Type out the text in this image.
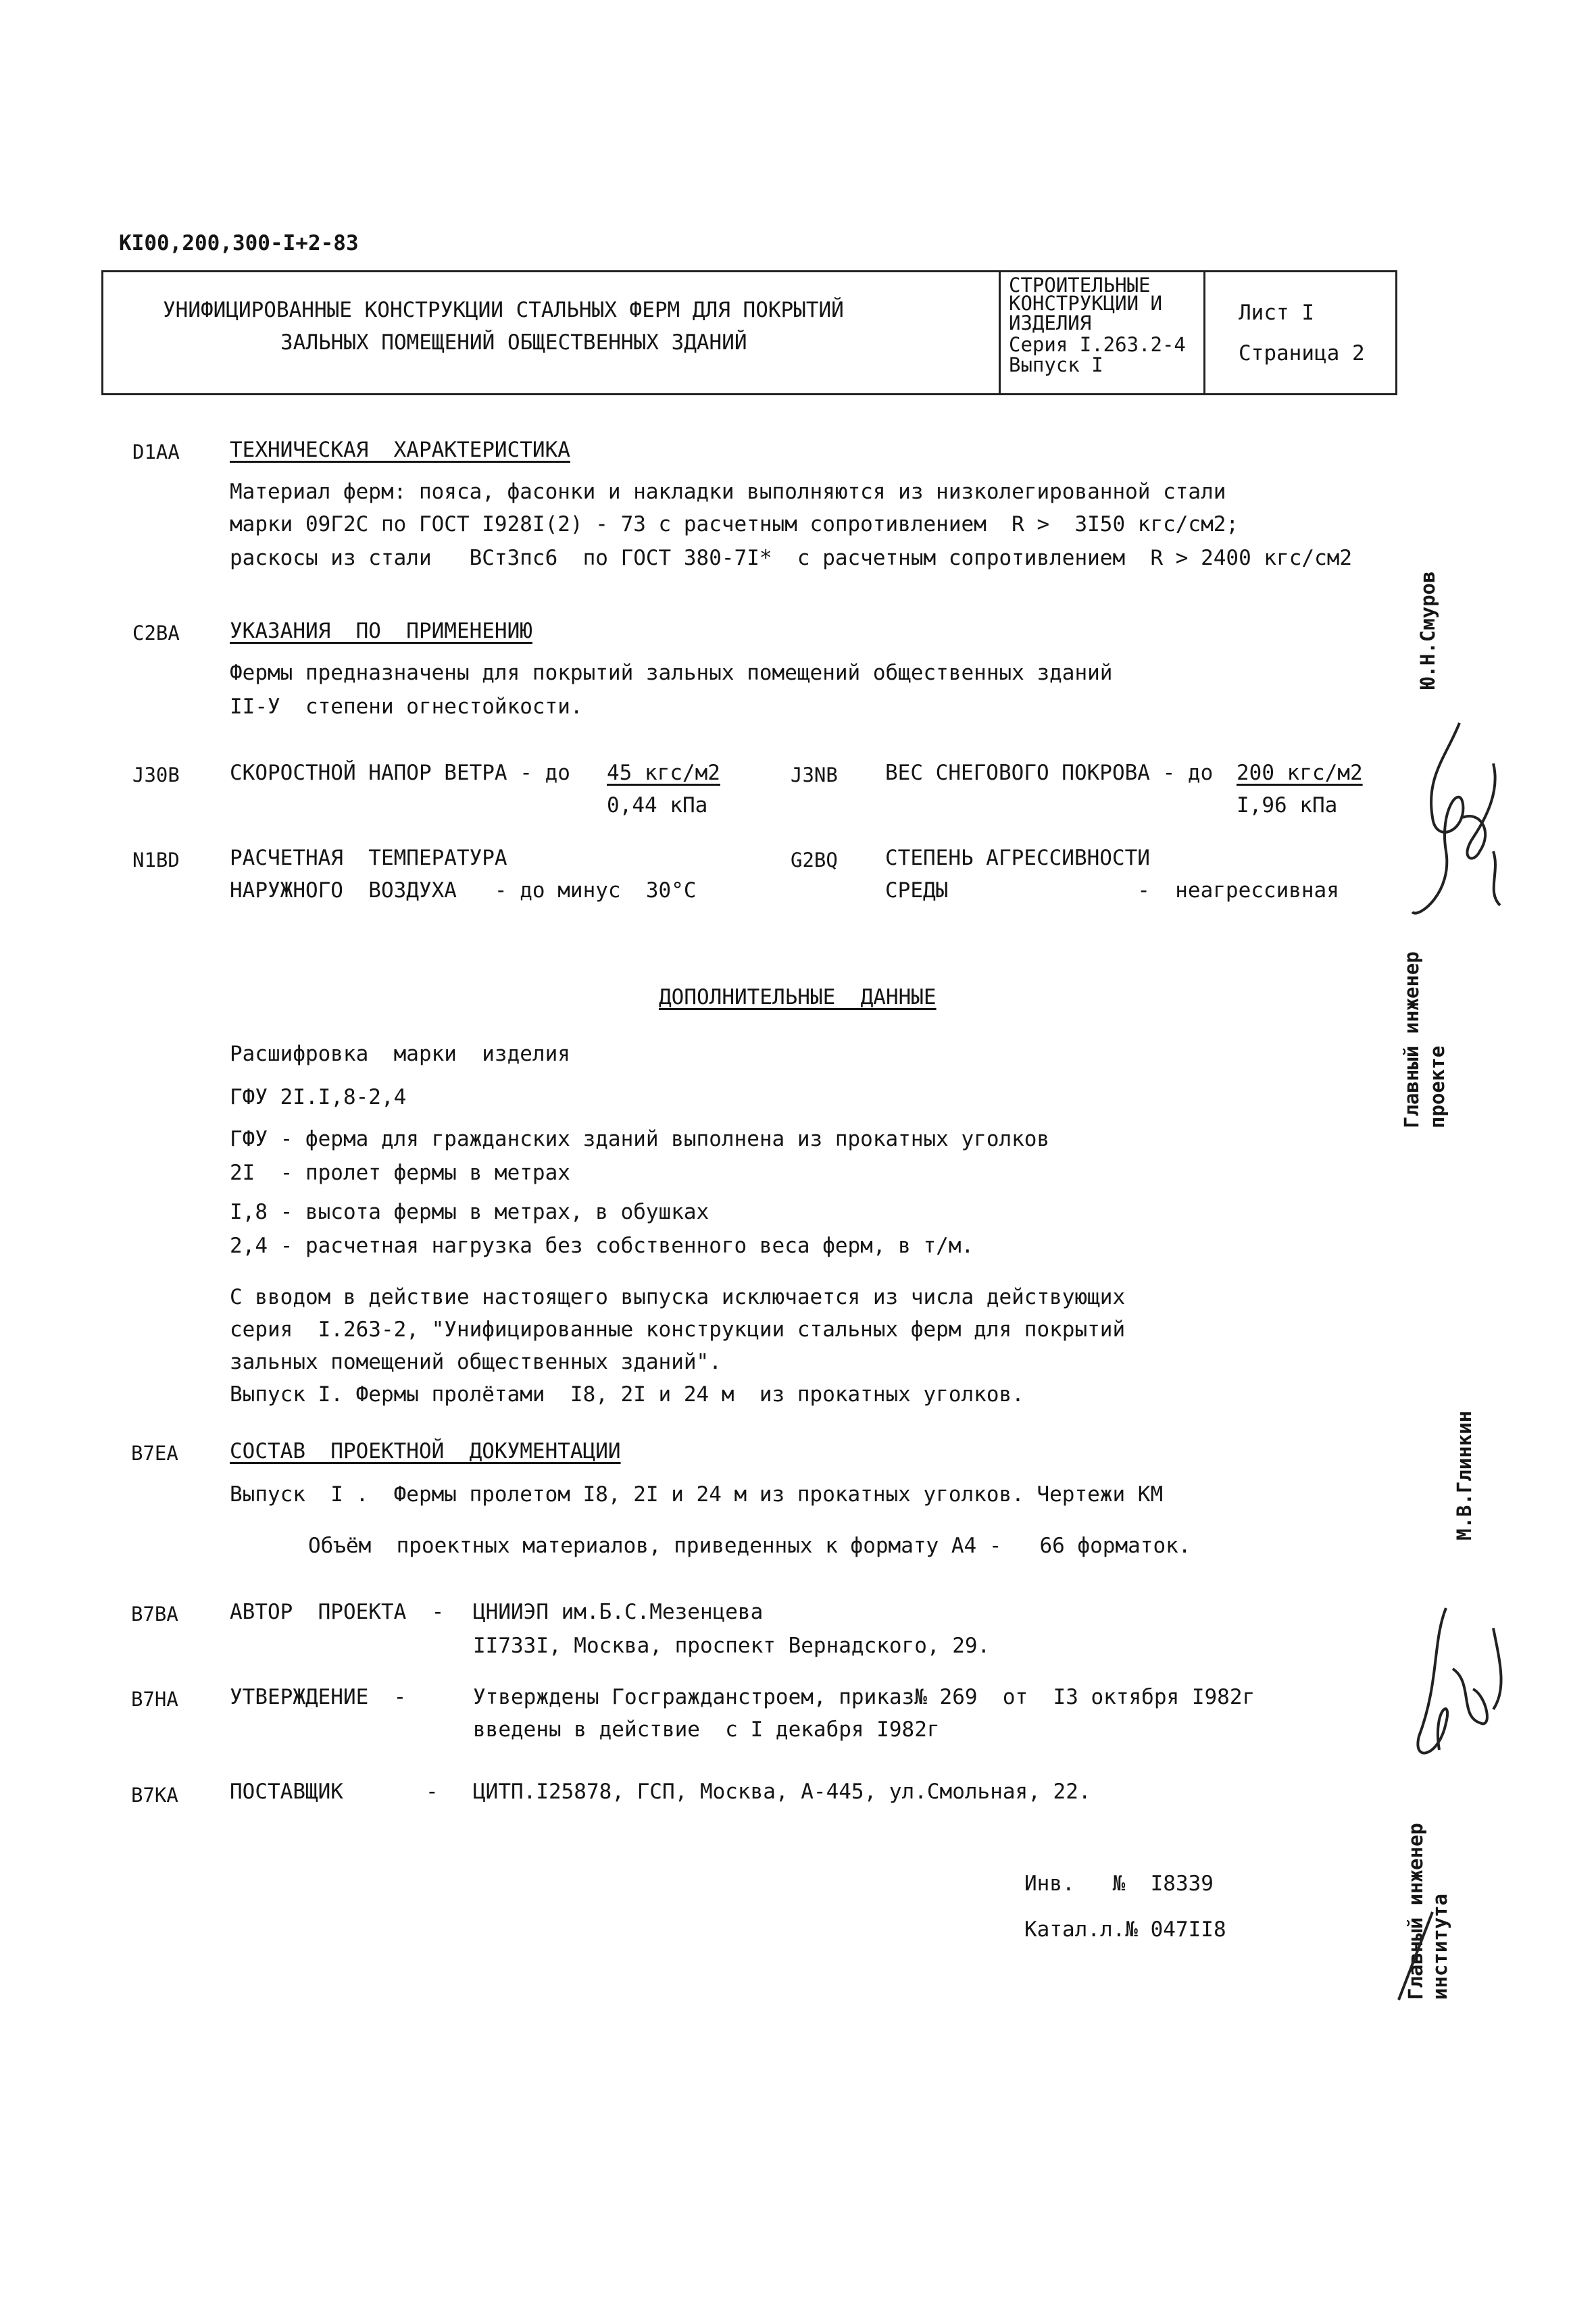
КI00,200,300-I+2-83
УНИФИЦИРОВАННЫЕ КОНСТРУКЦИИ СТАЛЬНЫХ ФЕРМ ДЛЯ ПОКРЫТИЙ
ЗАЛЬНЫХ ПОМЕЩЕНИЙ ОБЩЕСТВЕННЫХ ЗДАНИЙ
СТРОИТЕЛЬНЫЕ
КОНСТРУКЦИИ И
ИЗДЕЛИЯ
Серия I.263.2-4
Выпуск I
Лист I
Страница 2
D1AA ТЕХНИЧЕСКАЯ  ХАРАКТЕРИСТИКА
Материал ферм: пояса, фасонки и накладки выполняются из низколегированной стали
марки 09Г2С по ГОСТ I928I(2) - 73 с расчетным сопротивлением  R >  3I50 кгс/см2;
раскосы из стали   ВСт3пс6  по ГОСТ 380-7I*  с расчетным сопротивлением  R > 2400 кгс/см2
C2BA УКАЗАНИЯ  ПО  ПРИМЕНЕНИЮ
Фермы предназначены для покрытий зальных помещений общественных зданий
II-У  степени огнестойкости.
J30B СКОРОСТНОЙ НАПОР ВЕТРА - до 45 кгс/м2
0,44 кПа
J3NB ВЕС СНЕГОВОГО ПОКРОВА - до 200 кгс/м2
I,96 кПа
N1BD РАСЧЕТНАЯ  ТЕМПЕРАТУРА
НАРУЖНОГО  ВОЗДУХА   - до минус  30°С
G2BQ СТЕПЕНЬ АГРЕССИВНОСТИ
СРЕДЫ               -  неагрессивная
ДОПОЛНИТЕЛЬНЫЕ  ДАННЫЕ
Расшифровка  марки  изделия
ГФУ 2I.I,8-2,4
ГФУ - ферма для гражданских зданий выполнена из прокатных уголков
2I  - пролет фермы в метрах
I,8 - высота фермы в метрах, в обушках
2,4 - расчетная нагрузка без собственного веса ферм, в т/м.
С вводом в действие настоящего выпуска исключается из числа действующих
серия  I.263-2, "Унифицированные конструкции стальных ферм для покрытий
зальных помещений общественных зданий".
Выпуск I. Фермы пролётами  I8, 2I и 24 м  из прокатных уголков.
B7EA СОСТАВ  ПРОЕКТНОЙ  ДОКУМЕНТАЦИИ
Выпуск  I .  Фермы пролетом I8, 2I и 24 м из прокатных уголков. Чертежи КМ
Объём  проектных материалов, приведенных к формату А4 -   66 форматок.
B7BA АВТОР  ПРОЕКТА  - ЦНИИЭП им.Б.С.Мезенцева
II733I, Москва, проспект Вернадского, 29.
B7HA УТВЕРЖДЕНИЕ  -	Утверждены Госгражданстроем, приказ№ 269  от  I3 октября I982г
введены в действие  с I декабря I982г
B7KA ПОСТАВЩИК	- ЦИТП.I25878, ГСП, Москва, А-445, ул.Смольная, 22.
Инв.   №  I8339
Катал.л.№ 047II8
Ю.Н.Смуров
Главный инженер проекте
М.В.Глинкин
Главный инженер института
